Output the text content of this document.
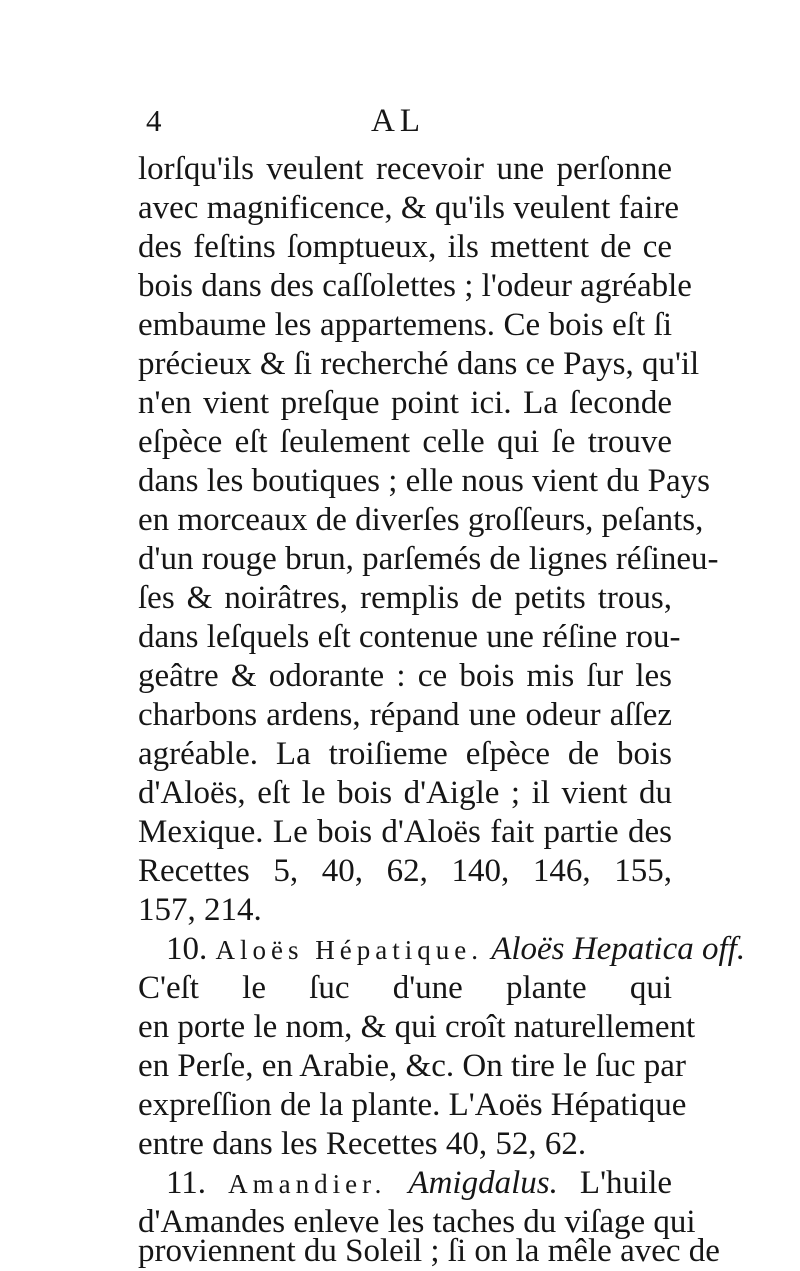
4	AL
lorſqu'ils veulent recevoir une perſonne
avec magnificence, & qu'ils veulent faire
des feſtins ſomptueux, ils mettent de ce
bois dans des caſſolettes ; l'odeur agréable
embaume les appartemens. Ce bois eſt ſi
précieux & ſi recherché dans ce Pays, qu'il
n'en vient preſque point ici. La ſeconde
eſpèce eſt ſeulement celle qui ſe trouve
dans les boutiques ; elle nous vient du Pays
en morceaux de diverſes groſſeurs, peſants,
d'un rouge brun, parſemés de lignes réſineu-
ſes & noirâtres, remplis de petits trous,
dans leſquels eſt contenue une réſine rou-
geâtre & odorante : ce bois mis ſur les
charbons ardens, répand une odeur aſſez
agréable. La troiſieme eſpèce de bois
d'Aloës, eſt le bois d'Aigle ; il vient du
Mexique. Le bois d'Aloës fait partie des
Recettes 5, 40, 62, 140, 146, 155,
157, 214.
10. Aloës Hépatique. Aloës Hepatica off.
C'eſt le ſuc d'une plante qui
en porte le nom, & qui croît naturellement
en Perſe, en Arabie, &c. On tire le ſuc par
expreſſion de la plante. L'Aoës Hépatique
entre dans les Recettes 40, 52, 62.
11. Amandier. Amigdalus. L'huile
d'Amandes enleve les taches du viſage qui
proviennent du Soleil ; ſi on la mêle avec de
